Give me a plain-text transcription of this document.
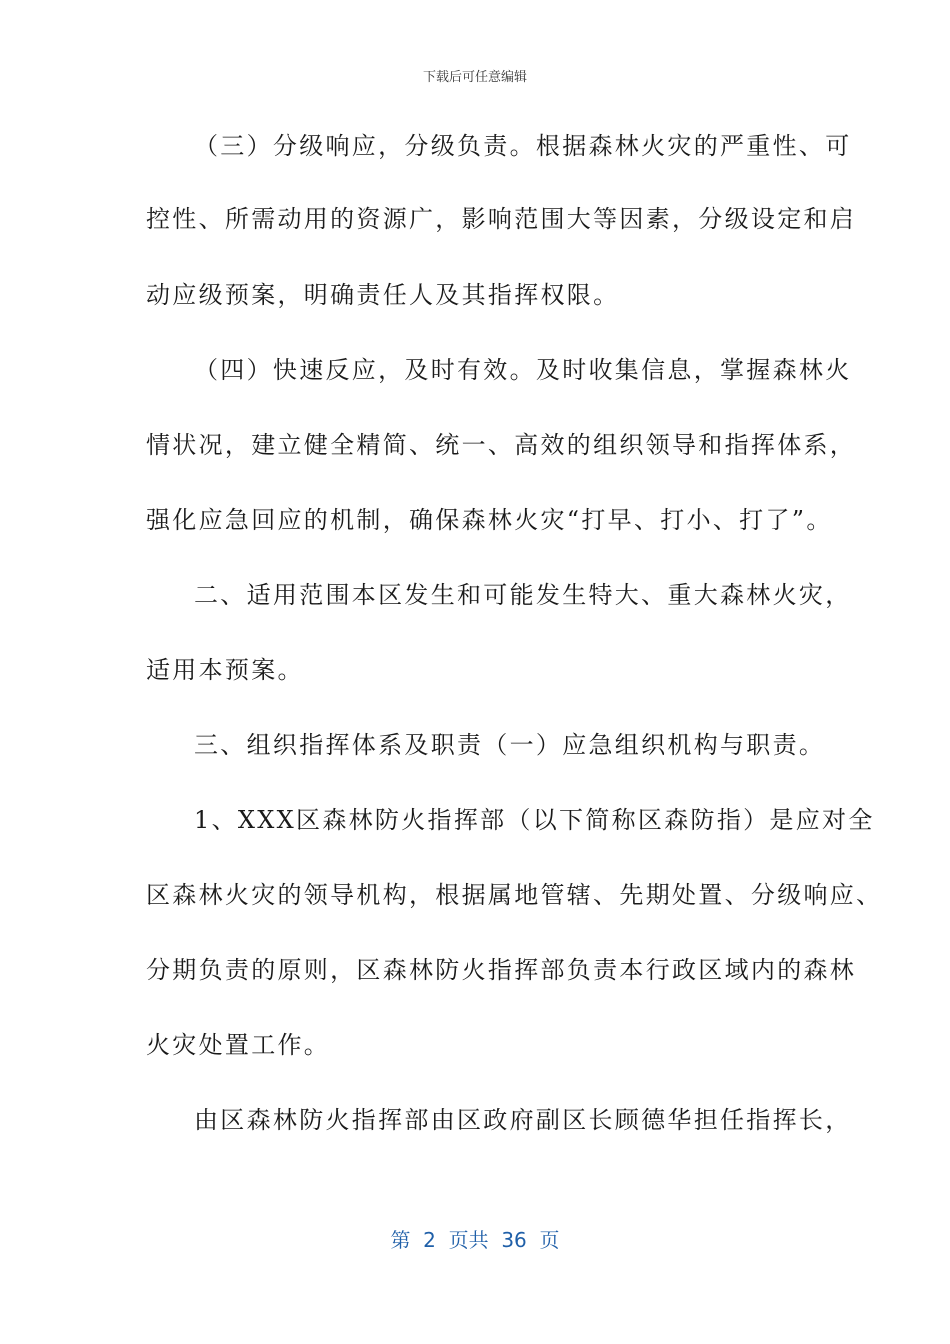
下载后可任意编辑
（三）分级响应，分级负责。根据森林火灾的严重性、可
控性、所需动用的资源广，影响范围大等因素，分级设定和启
动应级预案，明确责任人及其指挥权限。
（四）快速反应，及时有效。及时收集信息，掌握森林火
情状况，建立健全精简、统一、高效的组织领导和指挥体系，
强化应急回应的机制，确保森林火灾“打早、打小、打了”。
二、适用范围本区发生和可能发生特大、重大森林火灾，
适用本预案。
三、组织指挥体系及职责（一）应急组织机构与职责。
1、XXX区森林防火指挥部（以下简称区森防指）是应对全
区森林火灾的领导机构，根据属地管辖、先期处置、分级响应、
分期负责的原则，区森林防火指挥部负责本行政区域内的森林
火灾处置工作。
由区森林防火指挥部由区政府副区长顾德华担任指挥长，
第  2  页共  36  页
